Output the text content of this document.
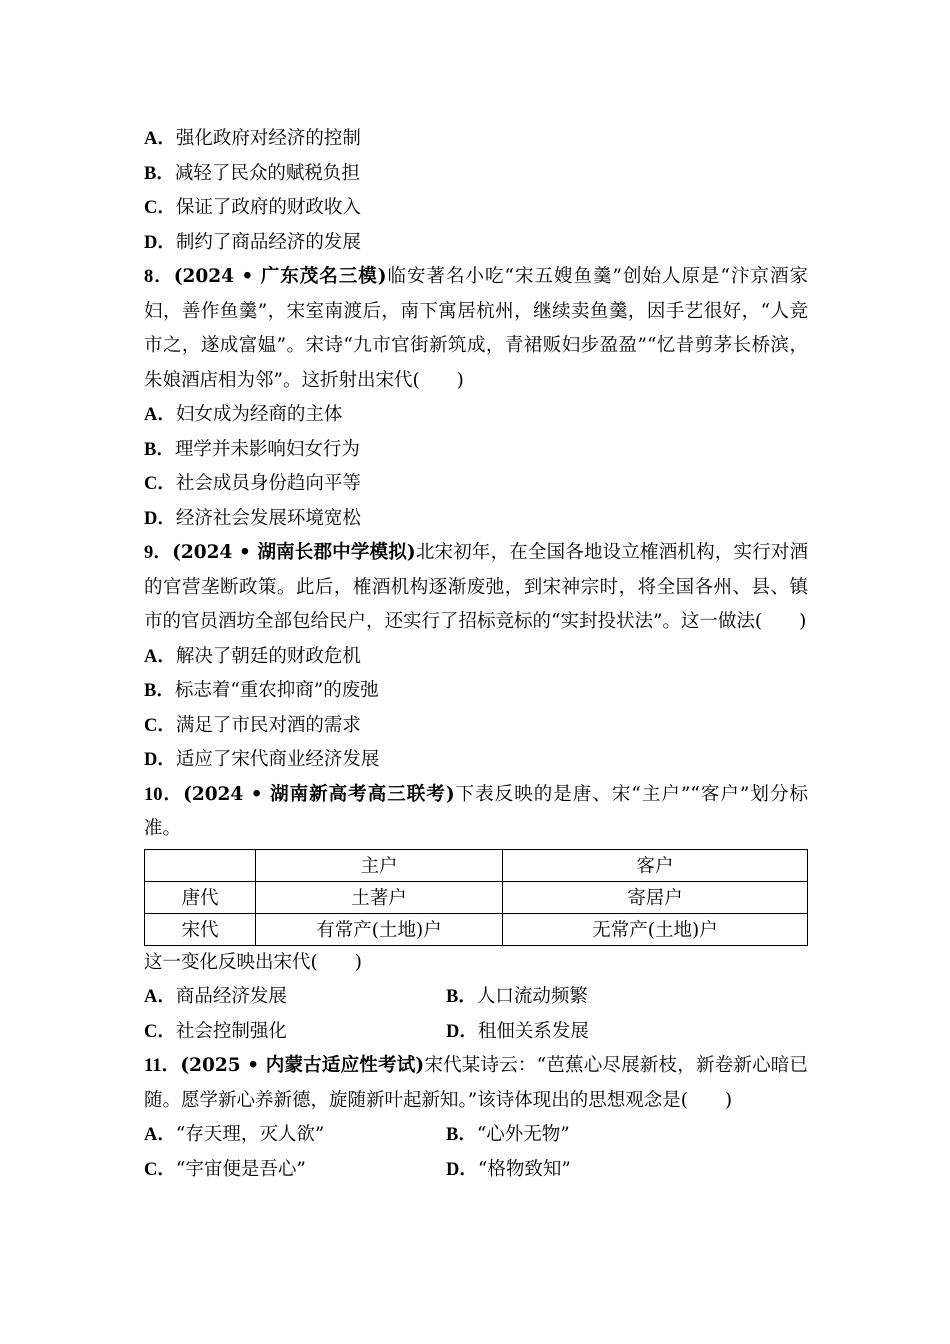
A．强化政府对经济的控制
B．减轻了民众的赋税负担
C．保证了政府的财政收入
D．制约了商品经济的发展
8．(2024 • 广东茂名三模)临安著名小吃“宋五嫂鱼羹”创始人原是“汴京酒家妇，善作鱼羹”，宋室南渡后，南下寓居杭州，继续卖鱼羹，因手艺很好，“人竞市之，遂成富媪”。宋诗“九市官街新筑成，青裙贩妇步盈盈”“忆昔剪茅长桥滨，朱娘酒店相为邻”。这折射出宋代(　　)
A．妇女成为经商的主体
B．理学并未影响妇女行为
C．社会成员身份趋向平等
D．经济社会发展环境宽松
9．(2024 • 湖南长郡中学模拟)北宋初年，在全国各地设立榷酒机构，实行对酒的官营垄断政策。此后，榷酒机构逐渐废弛，到宋神宗时，将全国各州、县、镇市的官员酒坊全部包给民户，还实行了招标竞标的“实封投状法”。这一做法(　　)
A．解决了朝廷的财政危机
B．标志着“重农抑商”的废弛
C．满足了市民对酒的需求
D．适应了宋代商业经济发展
10．(2024 • 湖南新高考高三联考)下表反映的是唐、宋“主户”“客户”划分标准。
	主户	客户
唐代	土著户	寄居户
宋代	有常产(土地)户	无常产(土地)户
这一变化反映出宋代(　　)
A．商品经济发展	B．人口流动频繁
C．社会控制强化	D．租佃关系发展
11．(2025 • 内蒙古适应性考试)宋代某诗云：“芭蕉心尽展新枝，新卷新心暗已随。愿学新心养新德，旋随新叶起新知。”该诗体现出的思想观念是(　　)
A．“存天理，灭人欲”	B．“心外无物”
C．“宇宙便是吾心”	D．“格物致知”
